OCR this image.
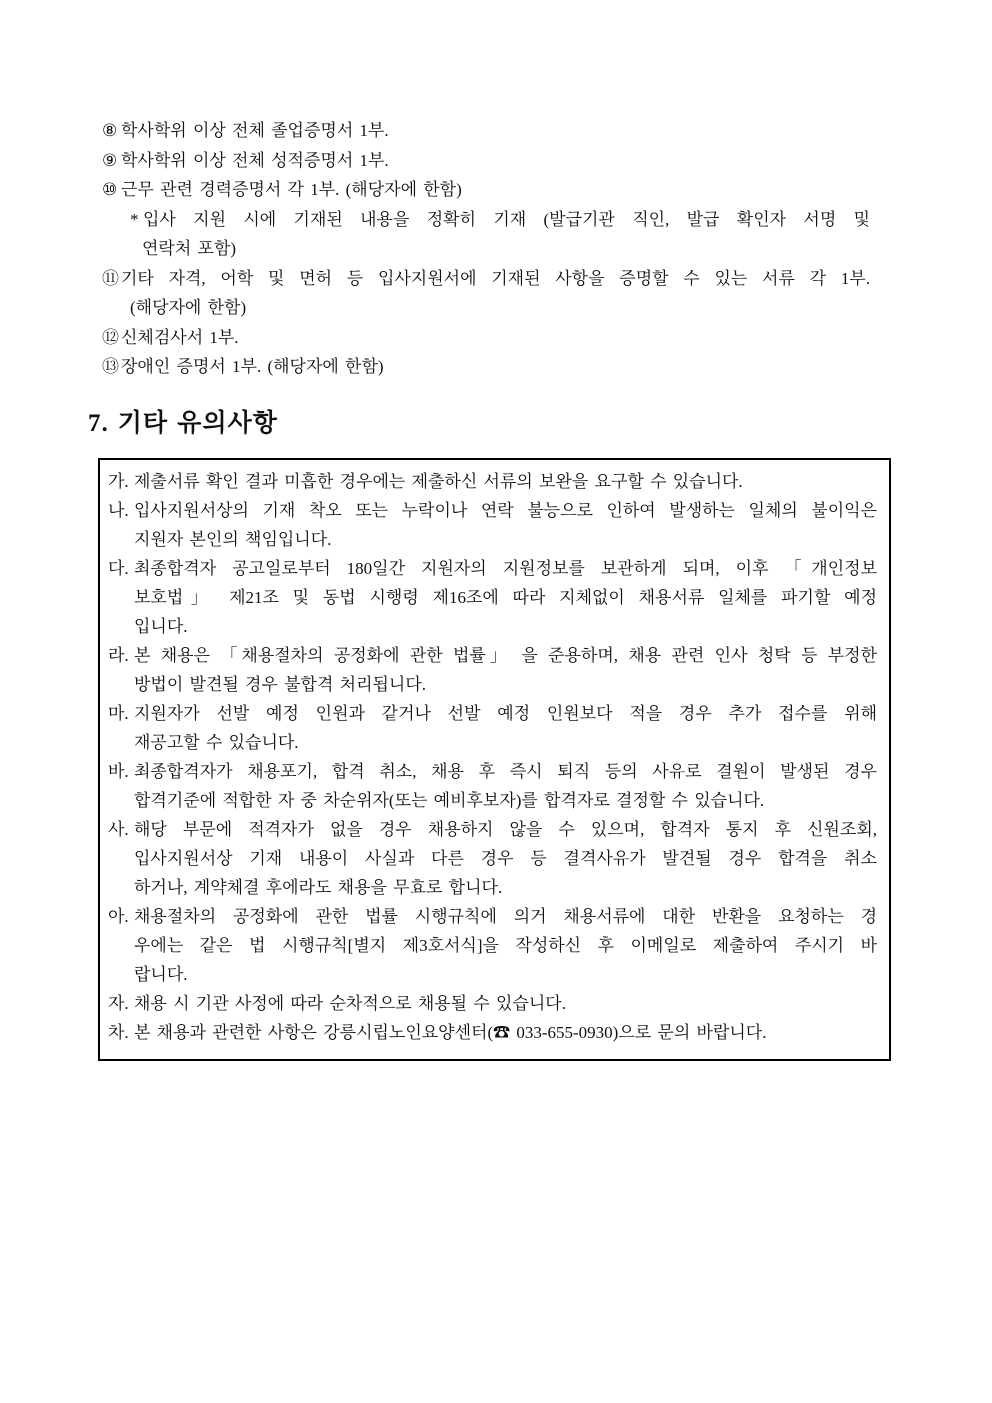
⑧ 학사학위 이상 전체 졸업증명서 1부.
⑨ 학사학위 이상 전체 성적증명서 1부.
⑩ 근무 관련 경력증명서 각 1부. (해당자에 한함)
* 입사 지원 시에 기재된 내용을 정확히 기재 (발급기관 직인, 발급 확인자 서명 및
연락처 포함)
⑪ 기타 자격, 어학 및 면허 등 입사지원서에 기재된 사항을 증명할 수 있는 서류 각 1부.
(해당자에 한함)
⑫ 신체검사서 1부.
⑬ 장애인 증명서 1부. (해당자에 한함)
7. 기타 유의사항
가. 제출서류 확인 결과 미흡한 경우에는 제출하신 서류의 보완을 요구할 수 있습니다.
나. 입사지원서상의 기재 착오 또는 누락이나 연락 불능으로 인하여 발생하는 일체의 불이익은
지원자 본인의 책임입니다.
다. 최종합격자 공고일로부터 180일간 지원자의 지원정보를 보관하게 되며, 이후 「개인정보
보호법」 제21조 및 동법 시행령 제16조에 따라 지체없이 채용서류 일체를 파기할 예정
입니다.
라. 본 채용은 「채용절차의 공정화에 관한 법률」 을 준용하며, 채용 관련 인사 청탁 등 부정한
방법이 발견될 경우 불합격 처리됩니다.
마. 지원자가 선발 예정 인원과 같거나 선발 예정 인원보다 적을 경우 추가 접수를 위해
재공고할 수 있습니다.
바. 최종합격자가 채용포기, 합격 취소, 채용 후 즉시 퇴직 등의 사유로 결원이 발생된 경우
합격기준에 적합한 자 중 차순위자(또는 예비후보자)를 합격자로 결정할 수 있습니다.
사. 해당 부문에 적격자가 없을 경우 채용하지 않을 수 있으며, 합격자 통지 후 신원조회,
입사지원서상 기재 내용이 사실과 다른 경우 등 결격사유가 발견될 경우 합격을 취소
하거나, 계약체결 후에라도 채용을 무효로 합니다.
아. 채용절차의 공정화에 관한 법률 시행규칙에 의거 채용서류에 대한 반환을 요청하는 경
우에는 같은 법 시행규칙[별지 제3호서식]을 작성하신 후 이메일로 제출하여 주시기 바
랍니다.
자. 채용 시 기관 사정에 따라 순차적으로 채용될 수 있습니다.
차. 본 채용과 관련한 사항은 강릉시립노인요양센터(☎ 033-655-0930)으로 문의 바랍니다.
